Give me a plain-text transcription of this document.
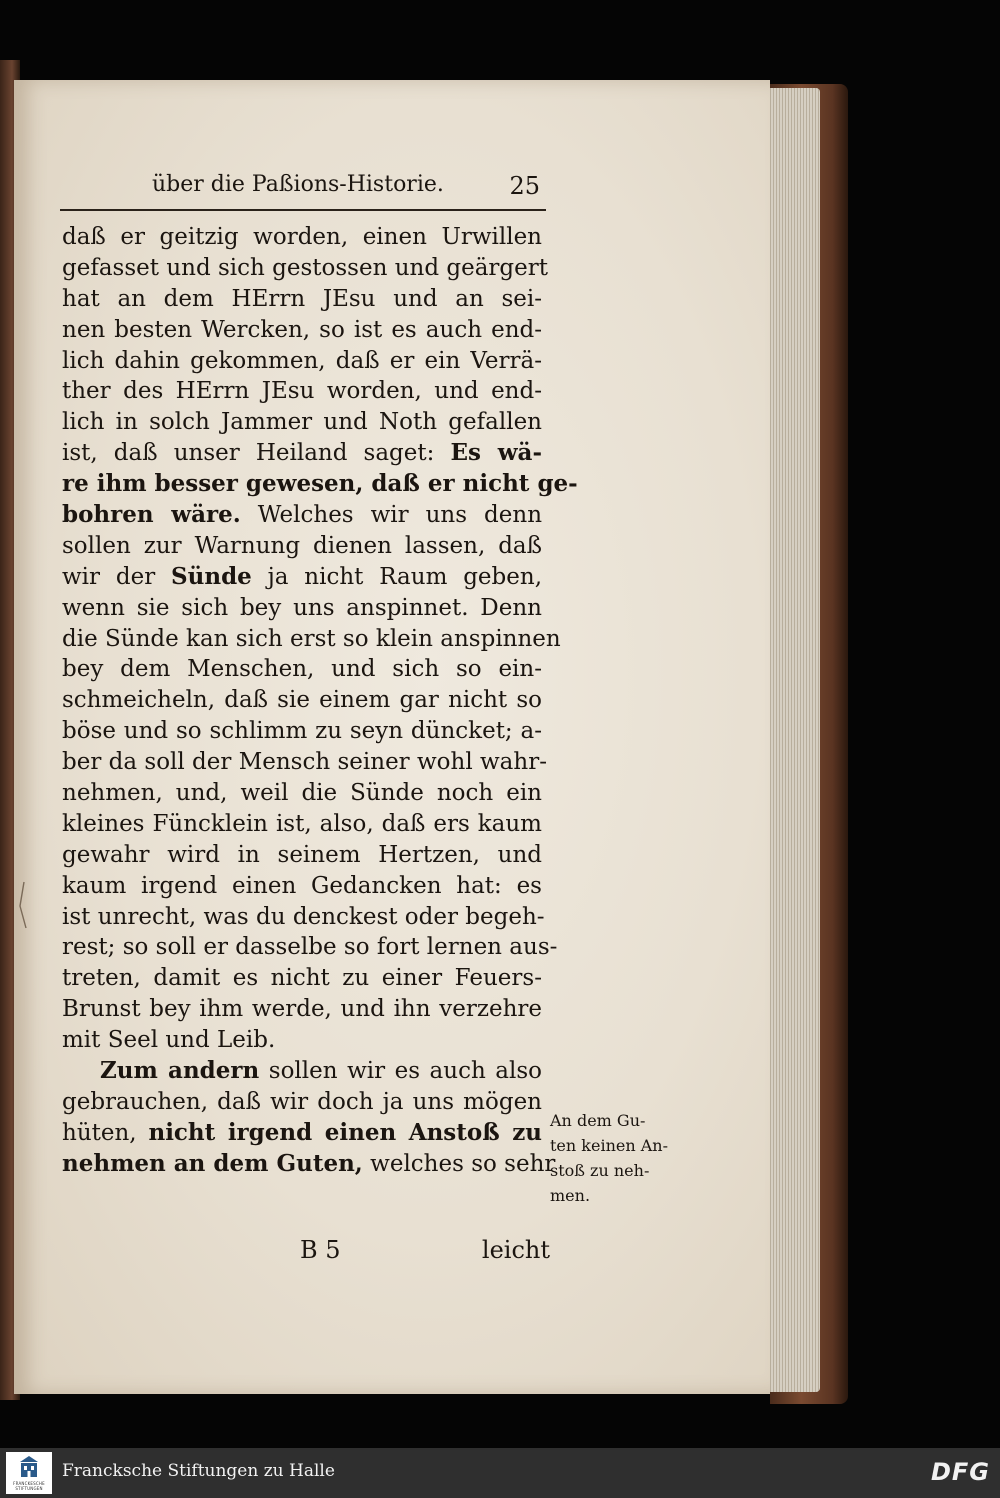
über die Paßions-Historie.	25
daß er geitzig worden, einen Urwillen
gefasset und sich gestossen und geärgert
hat an dem HErrn JEsu und an sei-
nen besten Wercken, so ist es auch end-
lich dahin gekommen, daß er ein Verrä-
ther des HErrn JEsu worden, und end-
lich in solch Jammer und Noth gefallen
ist, daß unser Heiland saget: Es wä-
re ihm besser gewesen, daß er nicht ge-
bohren wäre. Welches wir uns denn
sollen zur Warnung dienen lassen, daß
wir der Sünde ja nicht Raum geben,
wenn sie sich bey uns anspinnet. Denn
die Sünde kan sich erst so klein anspinnen
bey dem Menschen, und sich so ein-
schmeicheln, daß sie einem gar nicht so
böse und so schlimm zu seyn düncket; a-
ber da soll der Mensch seiner wohl wahr-
nehmen, und, weil die Sünde noch ein
kleines Füncklein ist, also, daß ers kaum
gewahr wird in seinem Hertzen, und
kaum irgend einen Gedancken hat: es
ist unrecht, was du denckest oder begeh-
rest; so soll er dasselbe so fort lernen aus-
treten, damit es nicht zu einer Feuers-
Brunst bey ihm werde, und ihn verzehre
mit Seel und Leib.
Zum andern sollen wir es auch also
gebrauchen, daß wir doch ja uns mögen
hüten, nicht irgend einen Anstoß zu
nehmen an dem Guten, welches so sehr
An dem Gu-
ten keinen An-
stoß zu neh-
men.
B 5	leicht
FRANCKESCHE STIFTUNGEN
Francksche Stiftungen zu Halle	DFG
